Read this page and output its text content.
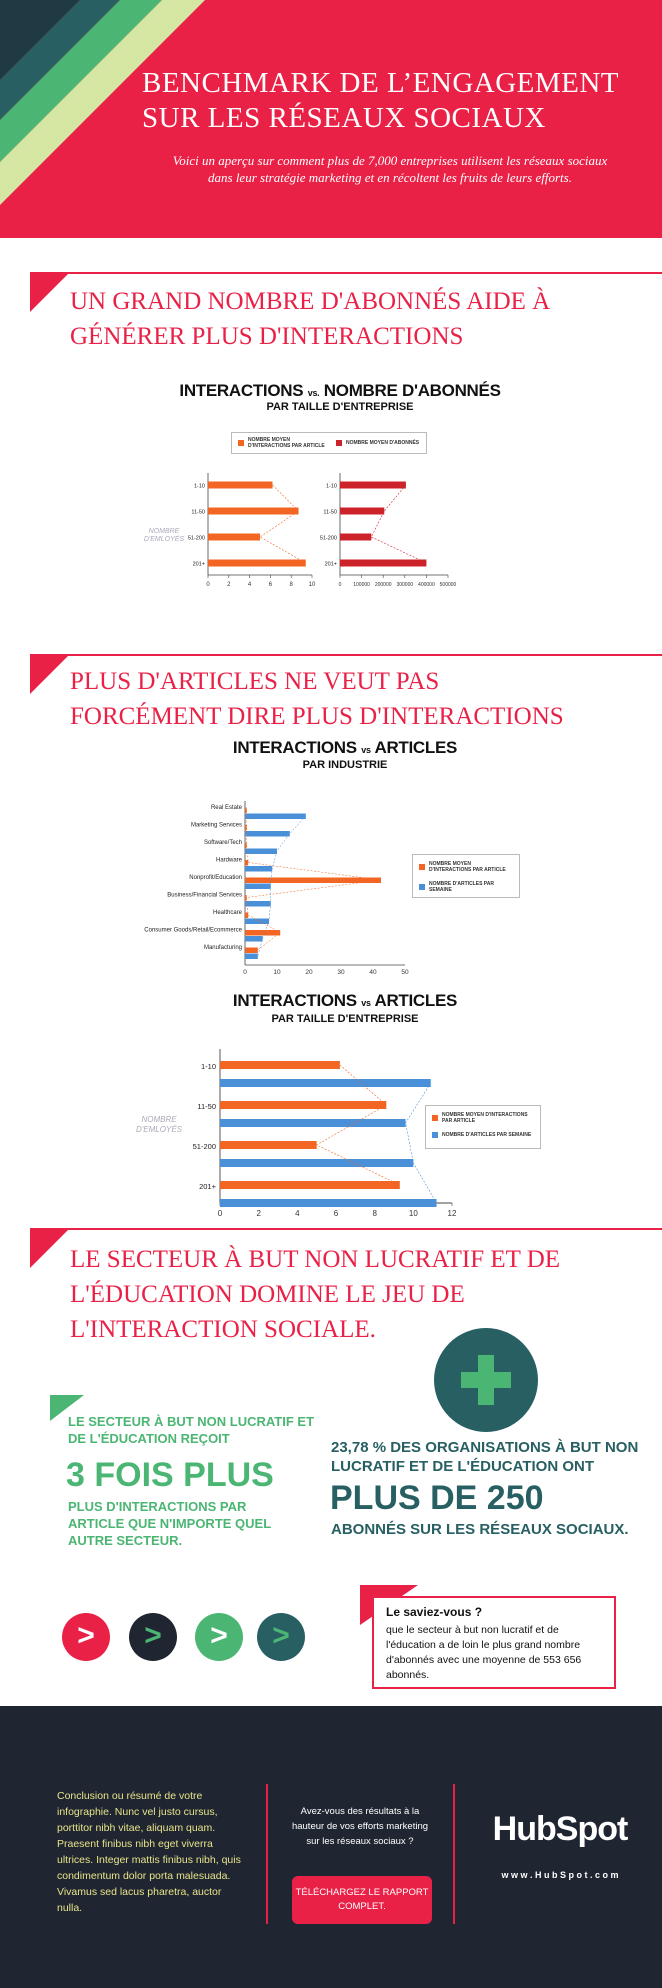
BENCHMARK DE L’ENGAGEMENT
SUR LES RÉSEAUX SOCIAUX
Voici un aperçu sur comment plus de 7,000 entreprises utilisent les réseaux sociaux dans leur stratégie marketing et en récoltent les fruits de leurs efforts.
UN GRAND NOMBRE D'ABONNÉS AIDE À
GÉNÉRER PLUS D'INTERACTIONS
INTERACTIONS vs. NOMBRE D'ABONNÉS
PAR TAILLE D'ENTREPRISE
NOMBRE MOYEN D'INTERACTIONS PAR ARTICLE	NOMBRE MOYEN D'ABONNÉS
NOMBRE D'EMLOYÉS
0	2	4	6	8	10
1-10
11-50
51-200
201+
0 100000 200000 300000 400000 500000
1-10
11-50
51-200
201+
PLUS D'ARTICLES NE VEUT PAS
FORCÉMENT DIRE PLUS D'INTERACTIONS
INTERACTIONS vs ARTICLES
PAR INDUSTRIE
0	10	20	30	40	50
Real Estate
Marketing Services
Software/Tech
Hardware
Nonprofit/Education
Business/Financial Services
Healthcare
Consumer Goods/Retail/Ecommerce
Manufacturing
NOMBRE MOYEN D'INTERACTIONS PAR ARTICLE
NOMBRE D'ARTICLES PAR SEMAINE
INTERACTIONS vs ARTICLES
PAR TAILLE D'ENTREPRISE
NOMBRE D'EMLOYÉS
0	2	4	6	8	10	12
1-10
11-50
51-200
201+
NOMBRE MOYEN D'INTERACTIONS PAR ARTICLE
NOMBRE D'ARTICLES PAR SEMAINE
LE SECTEUR À BUT NON LUCRATIF ET DE
L'ÉDUCATION DOMINE LE JEU DE
L'INTERACTION SOCIALE.
LE SECTEUR À BUT NON LUCRATIF ET DE L'ÉDUCATION REÇOIT
3 FOIS PLUS
PLUS D'INTERACTIONS PAR ARTICLE QUE N'IMPORTE QUEL AUTRE SECTEUR.
23,78 % DES ORGANISATIONS À BUT NON LUCRATIF ET DE L'ÉDUCATION ONT
PLUS DE 250
ABONNÉS SUR LES RÉSEAUX SOCIAUX.
>	>	>	>
Le saviez-vous ?
que le secteur à but non lucratif et de l'éducation a de loin le plus grand nombre d'abonnés avec une moyenne de 553 656 abonnés.
Conclusion ou résumé de votre infographie. Nunc vel justo cursus, porttitor nibh vitae, aliquam quam. Praesent finibus nibh eget viverra ultrices. Integer mattis finibus nibh, quis condimentum dolor porta malesuada. Vivamus sed lacus pharetra, auctor nulla.
Avez-vous des résultats à la hauteur de vos efforts marketing sur les réseaux sociaux ?
TÉLÉCHARGEZ LE RAPPORT COMPLET.
HubSpot
w w w . H u b S p o t . c o m
